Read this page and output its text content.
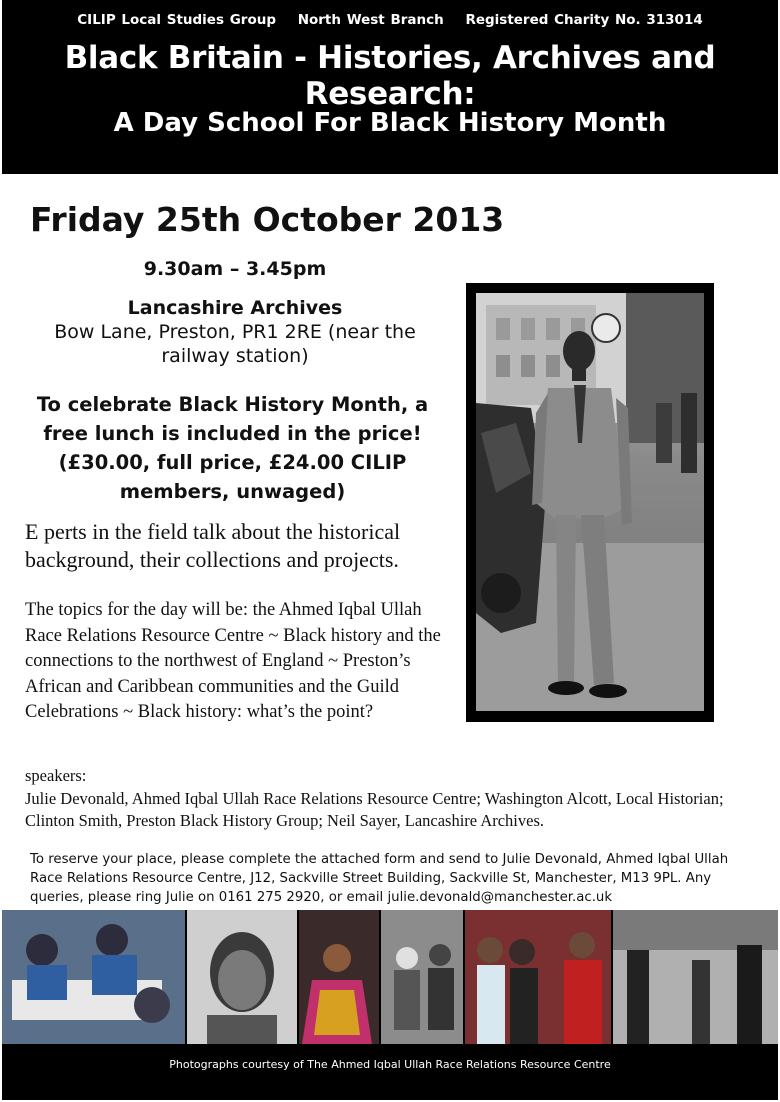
CILIP Local Studies Group North West Branch Registered Charity No. 313014
Black Britain - Histories, Archives and Research:
A Day School For Black History Month
Friday 25th October 2013
9.30am – 3.45pm
Lancashire Archives
Bow Lane, Preston, PR1 2RE (near the railway station)
To celebrate Black History Month, a free lunch is included in the price! (£30.00, full price, £24.00 CILIP members, unwaged)
E perts in the field talk about the historical background, their collections and projects.
The topics for the day will be: the Ahmed Iqbal Ullah Race Relations Resource Centre ~ Black history and the connections to the northwest of England ~ Preston’s African and Caribbean communities and the Guild Celebrations ~ Black history: what’s the point?
speakers:
Julie Devonald, Ahmed Iqbal Ullah Race Relations Resource Centre; Washington Alcott, Local Historian; Clinton Smith, Preston Black History Group; Neil Sayer, Lancashire Archives.
To reserve your place, please complete the attached form and send to Julie Devonald, Ahmed Iqbal Ullah Race Relations Resource Centre, J12, Sackville Street Building, Sackville St, Manchester, M13 9PL. Any queries, please ring Julie on 0161 275 2920, or email julie.devonald@manchester.ac.uk
Photographs courtesy of The Ahmed Iqbal Ullah Race Relations Resource Centre
